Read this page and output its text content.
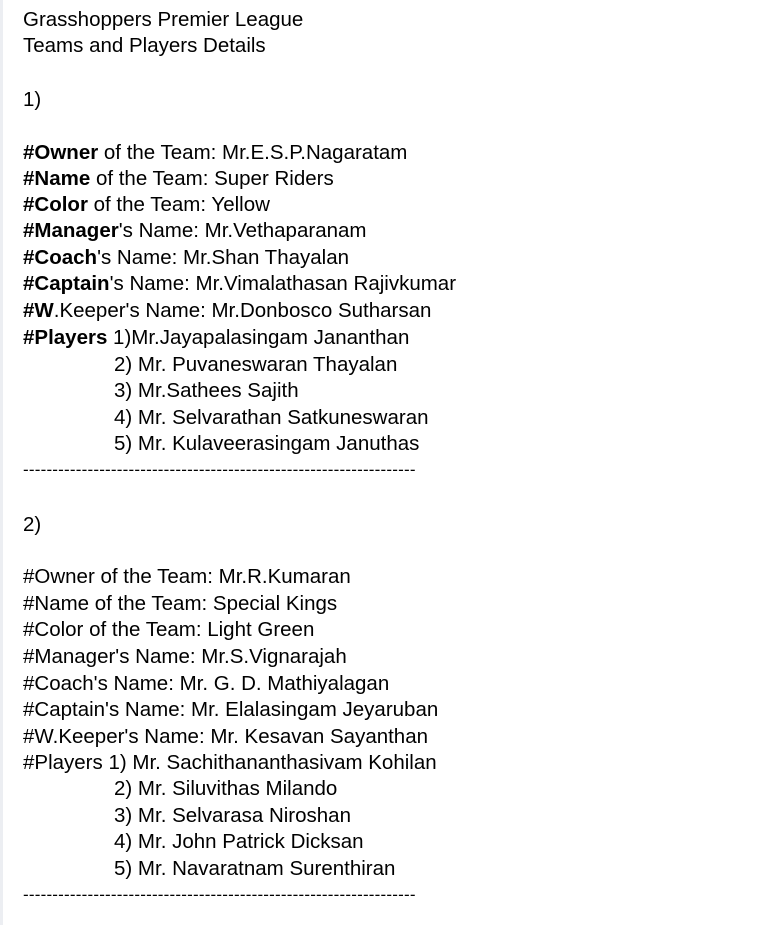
Grasshoppers Premier League
Teams and Players Details
1)
#Owner of the Team: Mr.E.S.P.Nagaratam
#Name of the Team: Super Riders
#Color of the Team: Yellow
#Manager's Name: Mr.Vethaparanam
#Coach's Name: Mr.Shan Thayalan
#Captain's Name: Mr.Vimalathasan Rajivkumar
#W.Keeper's Name: Mr.Donbosco Sutharsan
#Players 1)Mr.Jayapalasingam Jananthan
2) Mr. Puvaneswaran Thayalan
3) Mr.Sathees Sajith
4) Mr. Selvarathan Satkuneswaran
5) Mr. Kulaveerasingam Januthas
-------------------------------------------------------------------
2)
#Owner of the Team: Mr.R.Kumaran
#Name of the Team: Special Kings
#Color of the Team: Light Green
#Manager's Name: Mr.S.Vignarajah
#Coach's Name: Mr. G. D. Mathiyalagan
#Captain's Name: Mr. Elalasingam Jeyaruban
#W.Keeper's Name: Mr. Kesavan Sayanthan
#Players 1) Mr. Sachithananthasivam Kohilan
2) Mr. Siluvithas Milando
3) Mr. Selvarasa Niroshan
4) Mr. John Patrick Dicksan
5) Mr. Navaratnam Surenthiran
-------------------------------------------------------------------
